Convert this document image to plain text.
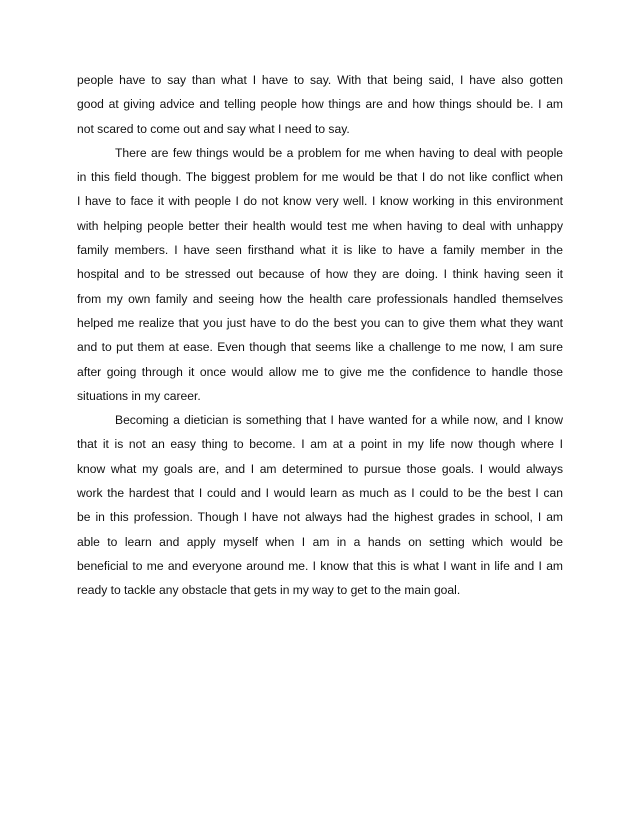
people have to say than what I have to say. With that being said, I have also gotten
good at giving advice and telling people how things are and how things should be. I am
not scared to come out and say what I need to say.

There are few things would be a problem for me when having to deal with people
in this field though. The biggest problem for me would be that I do not like conflict when
I have to face it with people I do not know very well. I know working in this environment
with helping people better their health would test me when having to deal with unhappy
family members. I have seen firsthand what it is like to have a family member in the
hospital and to be stressed out because of how they are doing. I think having seen it
from my own family and seeing how the health care professionals handled themselves
helped me realize that you just have to do the best you can to give them what they want
and to put them at ease. Even though that seems like a challenge to me now, I am sure
after going through it once would allow me to give me the confidence to handle those
situations in my career.

Becoming a dietician is something that I have wanted for a while now, and I know
that it is not an easy thing to become. I am at a point in my life now though where I
know what my goals are, and I am determined to pursue those goals. I would always
work the hardest that I could and I would learn as much as I could to be the best I can
be in this profession. Though I have not always had the highest grades in school, I am
able to learn and apply myself when I am in a hands on setting which would be
beneficial to me and everyone around me. I know that this is what I want in life and I am
ready to tackle any obstacle that gets in my way to get to the main goal.
